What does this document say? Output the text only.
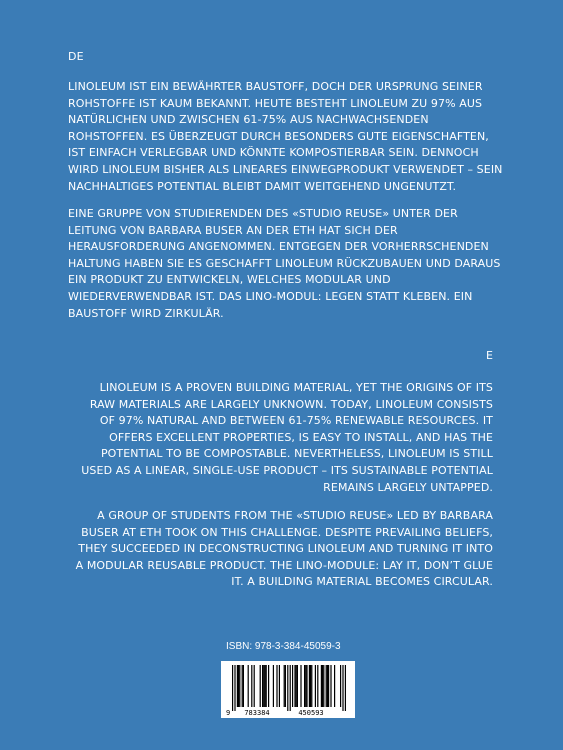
DE

LINOLEUM IST EIN BEWÄHRTER BAUSTOFF, DOCH DER URSPRUNG SEINER ROHSTOFFE IST KAUM BEKANNT. HEUTE BESTEHT LINOLEUM ZU 97% AUS NATÜRLICHEN UND ZWISCHEN 61-75% AUS NACHWACHSENDEN ROHSTOFFEN. ES ÜBERZEUGT DURCH BESONDERS GUTE EIGENSCHAFTEN, IST EINFACH VERLEGBAR UND KÖNNTE KOMPOSTIERBAR SEIN. DENNOCH WIRD LINOLEUM BISHER ALS LINEARES EINWEGPRODUKT VERWENDET – SEIN NACHHALTIGES POTENTIAL BLEIBT DAMIT WEITGEHEND UNGENUTZT.

EINE GRUPPE VON STUDIERENDEN DES «STUDIO REUSE» UNTER DER LEITUNG VON BARBARA BUSER AN DER ETH HAT SICH DER HERAUSFORDERUNG ANGENOMMEN. ENTGEGEN DER VORHERRSCHENDEN HALTUNG HABEN SIE ES GESCHAFFT LINOLEUM RÜCKZUBAUEN UND DARAUS EIN PRODUKT ZU ENTWICKELN, WELCHES MODULAR UND WIEDERVERWENDBAR IST. DAS LINO-MODUL: LEGEN STATT KLEBEN. EIN BAUSTOFF WIRD ZIRKULÄR.

E

LINOLEUM IS A PROVEN BUILDING MATERIAL, YET THE ORIGINS OF ITS RAW MATERIALS ARE LARGELY UNKNOWN. TODAY, LINOLEUM CONSISTS OF 97% NATURAL AND BETWEEN 61-75% RENEWABLE RESOURCES. IT OFFERS EXCELLENT PROPERTIES, IS EASY TO INSTALL, AND HAS THE POTENTIAL TO BE COMPOSTABLE. NEVERTHELESS, LINOLEUM IS STILL USED AS A LINEAR, SINGLE-USE PRODUCT – ITS SUSTAINABLE POTENTIAL REMAINS LARGELY UNTAPPED.

A GROUP OF STUDENTS FROM THE «STUDIO REUSE» LED BY BARBARA BUSER AT ETH TOOK ON THIS CHALLENGE. DESPITE PREVAILING BELIEFS, THEY SUCCEEDED IN DECONSTRUCTING LINOLEUM AND TURNING IT INTO A MODULAR REUSABLE PRODUCT. THE LINO-MODULE: LAY IT, DON’T GLUE IT. A BUILDING MATERIAL BECOMES CIRCULAR.

ISBN: 978-3-384-45059-3
9 783384	450593
